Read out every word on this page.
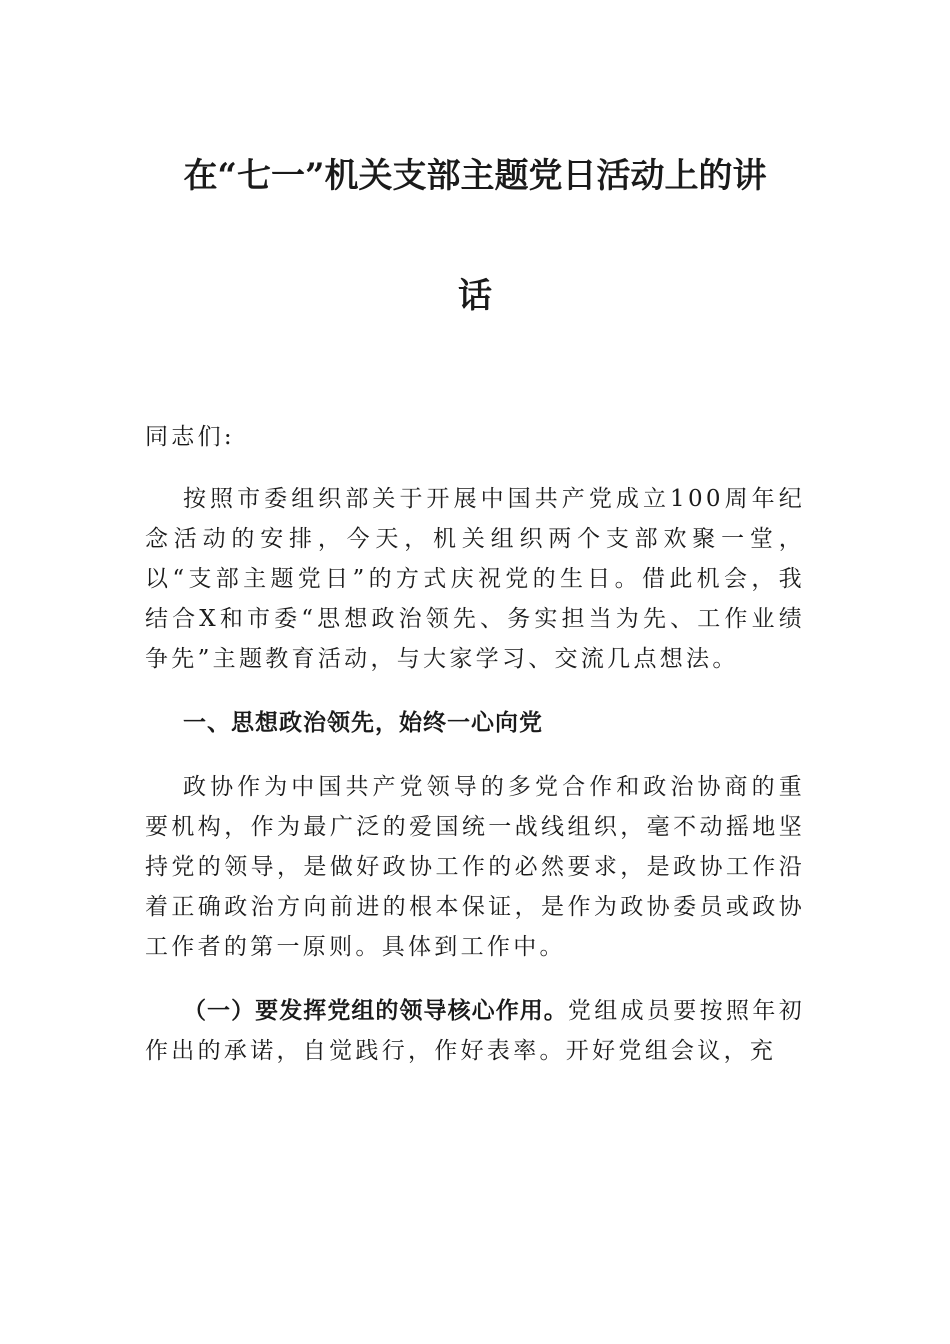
在“七一”机关支部主题党日活动上的讲
话

同志们:

按照市委组织部关于开展中国共产党成立100周年纪念活动的安排，今天，机关组织两个支部欢聚一堂，以“支部主题党日”的方式庆祝党的生日。借此机会，我结合X和市委“思想政治领先、务实担当为先、工作业绩争先”主题教育活动，与大家学习、交流几点想法。

一、思想政治领先，始终一心向党

政协作为中国共产党领导的多党合作和政治协商的重要机构，作为最广泛的爱国统一战线组织，毫不动摇地坚持党的领导，是做好政协工作的必然要求，是政协工作沿着正确政治方向前进的根本保证，是作为政协委员或政协工作者的第一原则。具体到工作中。

（一）要发挥党组的领导核心作用。党组成员要按照年初作出的承诺，自觉践行，作好表率。开好党组会议，充
